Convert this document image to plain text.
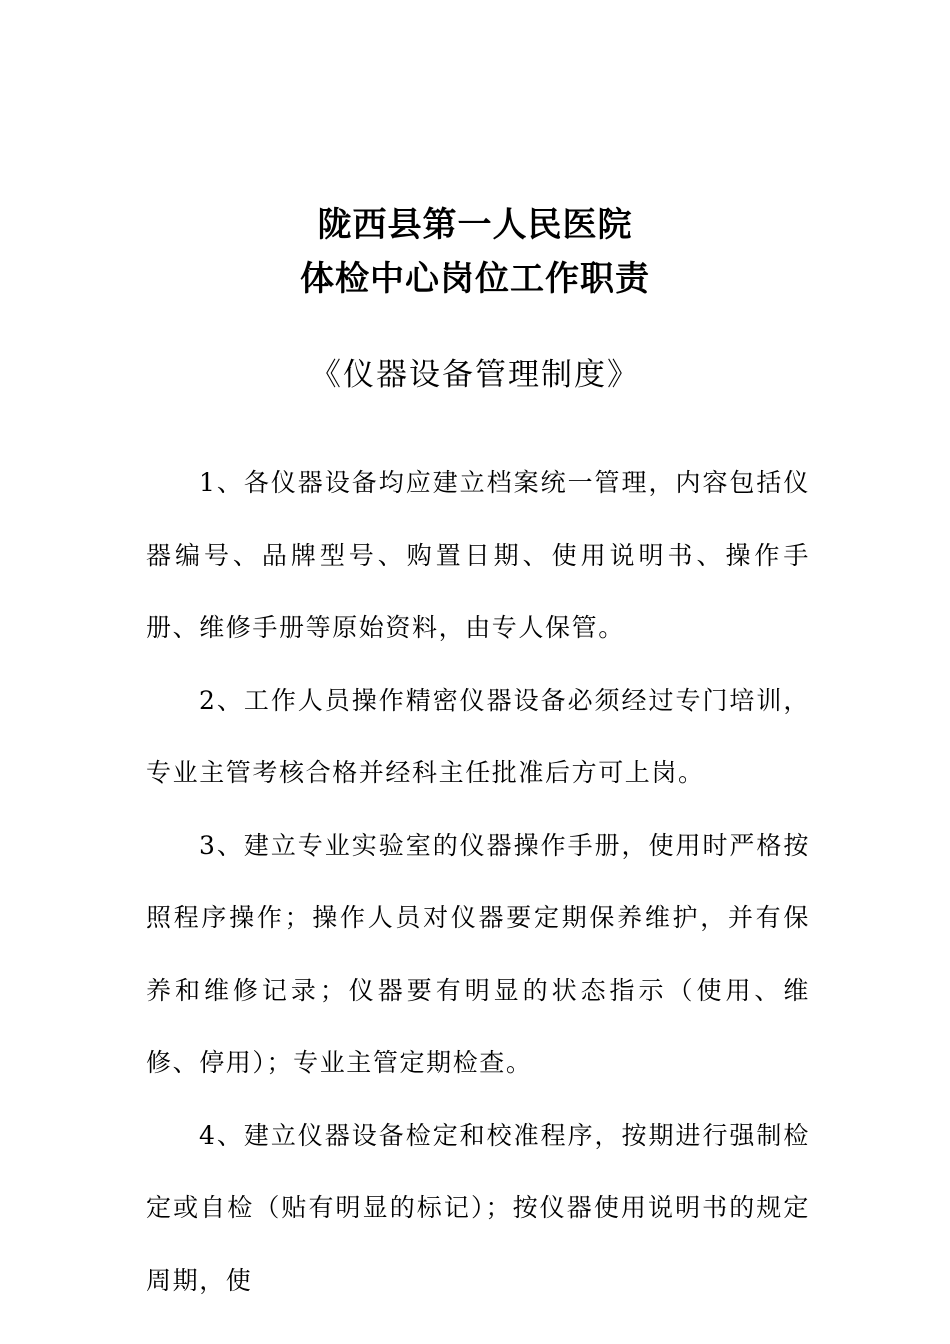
陇西县第一人民医院
体检中心岗位工作职责
《仪器设备管理制度》

1、各仪器设备均应建立档案统一管理，内容包括仪器编号、品牌型号、购置日期、使用说明书、操作手册、维修手册等原始资料，由专人保管。

2、工作人员操作精密仪器设备必须经过专门培训，专业主管考核合格并经科主任批准后方可上岗。

3、建立专业实验室的仪器操作手册，使用时严格按照程序操作；操作人员对仪器要定期保养维护，并有保养和维修记录；仪器要有明显的状态指示（使用、维修、停用）；专业主管定期检查。

4、建立仪器设备检定和校准程序，按期进行强制检定或自检（贴有明显的标记）；按仪器使用说明书的规定周期，使
